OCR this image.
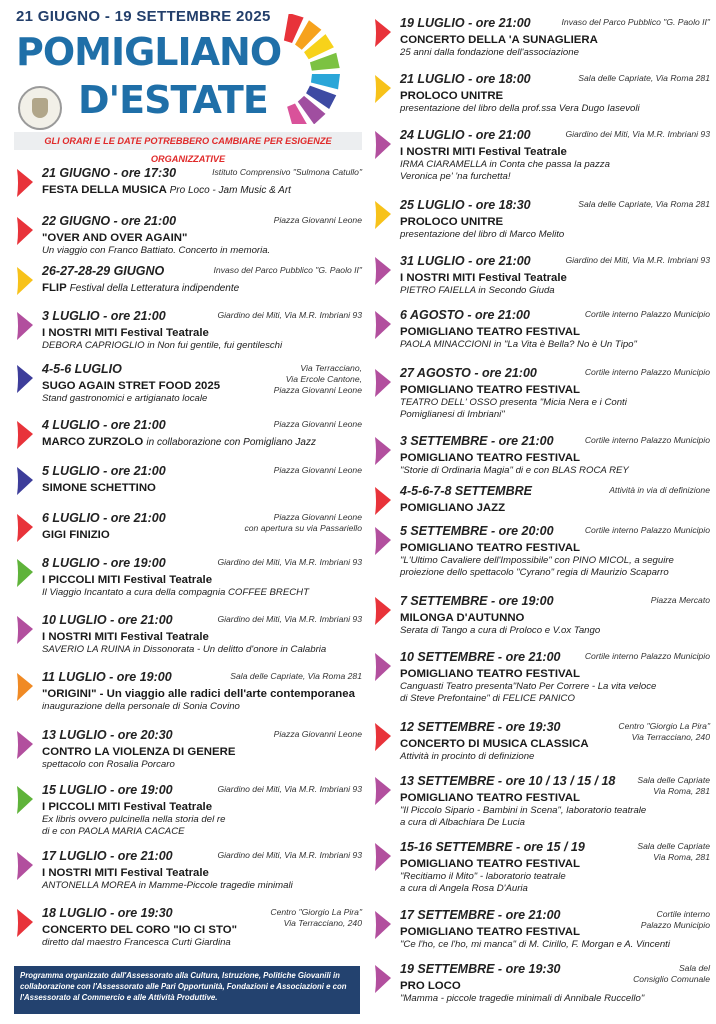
21 GIUGNO - 19 SETTEMBRE 2025
POMIGLIANO
D'ESTATE
GLI ORARI E LE DATE POTREBBERO CAMBIARE PER ESIGENZE ORGANIZZATIVE
Istituto Comprensivo "Sulmona Catullo"
21 GIUGNO - ore 17:30
FESTA DELLA MUSICA Pro Loco - Jam Music & Art
Piazza Giovanni Leone
22 GIUGNO - ore 21:00
"OVER AND OVER AGAIN"
Un viaggio con Franco Battiato. Concerto in memoria.
Invaso del Parco Pubblico "G. Paolo II"
26-27-28-29 GIUGNO
FLIP Festival della Letteratura indipendente
Giardino dei Miti, Via M.R. Imbriani 93
3 LUGLIO - ore 21:00
I NOSTRI MITI Festival Teatrale
DEBORA CAPRIOGLIO in Non fui gentile, fui gentileschi
Via Terracciano,
Via Ercole Cantone,
Piazza Giovanni Leone
4-5-6 LUGLIO
SUGO AGAIN STRET FOOD 2025
Stand gastronomici e artigianato locale
Piazza Giovanni Leone
4 LUGLIO - ore 21:00
MARCO ZURZOLO in collaborazione con Pomigliano Jazz
Piazza Giovanni Leone
5 LUGLIO - ore 21:00
SIMONE SCHETTINO
Piazza Giovanni Leone
con apertura su via Passariello
6 LUGLIO - ore 21:00
GIGI FINIZIO
Giardino dei Miti, Via M.R. Imbriani 93
8 LUGLIO - ore 19:00
I PICCOLI MITI Festival Teatrale
Il Viaggio Incantato a cura della compagnia COFFEE BRECHT
Giardino dei Miti, Via M.R. Imbriani 93
10 LUGLIO - ore 21:00
I NOSTRI MITI Festival Teatrale
SAVERIO LA RUINA in Dissonorata - Un delitto d'onore in Calabria
Sala delle Capriate, Via Roma 281
11 LUGLIO - ore 19:00
"ORIGINI" - Un viaggio alle radici dell'arte contemporanea
inaugurazione della personale di Sonia Covino
Piazza Giovanni Leone
13 LUGLIO - ore 20:30
CONTRO LA VIOLENZA DI GENERE
spettacolo con Rosalia Porcaro
Giardino dei Miti, Via M.R. Imbriani 93
15 LUGLIO - ore 19:00
I PICCOLI MITI Festival Teatrale
Ex libris ovvero pulcinella nella storia del re
di e con PAOLA MARIA CACACE
Giardino dei Miti, Via M.R. Imbriani 93
17 LUGLIO - ore 21:00
I NOSTRI MITI Festival Teatrale
ANTONELLA MOREA in Mamme-Piccole tragedie minimali
Centro "Giorgio La Pira"
Via Terracciano, 240
18 LUGLIO - ore 19:30
CONCERTO DEL CORO "IO CI STO"
diretto dal maestro Francesca Curti Giardina
Invaso del Parco Pubblico "G. Paolo II"
19 LUGLIO - ore 21:00
CONCERTO DELLA 'A SUNAGLIERA
25 anni dalla fondazione dell'associazione
Sala delle Capriate, Via Roma 281
21 LUGLIO - ore 18:00
PROLOCO UNITRE
presentazione del libro della prof.ssa Vera Dugo Iasevoli
Giardino dei Miti, Via M.R. Imbriani 93
24 LUGLIO - ore 21:00
I NOSTRI MITI Festival Teatrale
IRMA CIARAMELLA in Conta che passa la pazza
Veronica pe' 'na furchetta!
Sala delle Capriate, Via Roma 281
25 LUGLIO - ore 18:30
PROLOCO UNITRE
presentazione del libro di Marco Melito
Giardino dei Miti, Via M.R. Imbriani 93
31 LUGLIO - ore 21:00
I NOSTRI MITI Festival Teatrale
PIETRO FAIELLA in Secondo Giuda
Cortile interno Palazzo Municipio
6 AGOSTO - ore 21:00
POMIGLIANO TEATRO FESTIVAL
PAOLA MINACCIONI in "La Vita è Bella? No è Un Tipo"
Cortile interno Palazzo Municipio
27 AGOSTO - ore 21:00
POMIGLIANO TEATRO FESTIVAL
TEATRO DELL' OSSO presenta "Micia Nera e i Conti
Pomiglianesi di Imbriani"
Cortile interno Palazzo Municipio
3 SETTEMBRE - ore 21:00
POMIGLIANO TEATRO FESTIVAL
"Storie di Ordinaria Magia" di e con BLAS ROCA REY
Attività in via di definizione
4-5-6-7-8 SETTEMBRE
POMIGLIANO JAZZ
Cortile interno Palazzo Municipio
5 SETTEMBRE - ore 20:00
POMIGLIANO TEATRO FESTIVAL
"L'Ultimo Cavaliere dell'Impossibile" con PINO MICOL, a seguire
proiezione dello spettacolo "Cyrano" regia di Maurizio Scaparro
Piazza Mercato
7 SETTEMBRE - ore 19:00
MILONGA D'AUTUNNO
Serata di Tango a cura di Proloco e V.ox Tango
Cortile interno Palazzo Municipio
10 SETTEMBRE - ore 21:00
POMIGLIANO TEATRO FESTIVAL
Canguasti Teatro presenta"Nato Per Correre - La vita veloce
di Steve Prefontaine" di FELICE PANICO
Centro "Giorgio La Pira"
Via Terracciano, 240
12 SETTEMBRE - ore 19:30
CONCERTO DI MUSICA CLASSICA
Attività in procinto di definizione
Sala delle Capriate
Via Roma, 281
13 SETTEMBRE - ore 10 / 13 / 15 / 18
POMIGLIANO TEATRO FESTIVAL
"Il Piccolo Sipario - Bambini in Scena", laboratorio teatrale
a cura di Albachiara De Lucia
Sala delle Capriate
Via Roma, 281
15-16 SETTEMBRE - ore 15 / 19
POMIGLIANO TEATRO FESTIVAL
"Recitiamo il Mito" - laboratorio teatrale
a cura di Angela Rosa D'Auria
Cortile interno
Palazzo Municipio
17 SETTEMBRE - ore 21:00
POMIGLIANO TEATRO FESTIVAL
"Ce l'ho, ce l'ho, mi manca" di M. Cirillo, F. Morgan e A. Vincenti
Sala del
Consiglio Comunale
19 SETTEMBRE - ore 19:30
PRO LOCO
"Mamma - piccole tragedie minimali di Annibale Ruccello"
Programma organizzato dall'Assessorato alla Cultura, Istruzione, Politiche Giovanili in collaborazione con l'Assessorato alle Pari Opportunità, Fondazioni e Associazioni e con l'Assessorato al Commercio e alle Attività Produttive.
